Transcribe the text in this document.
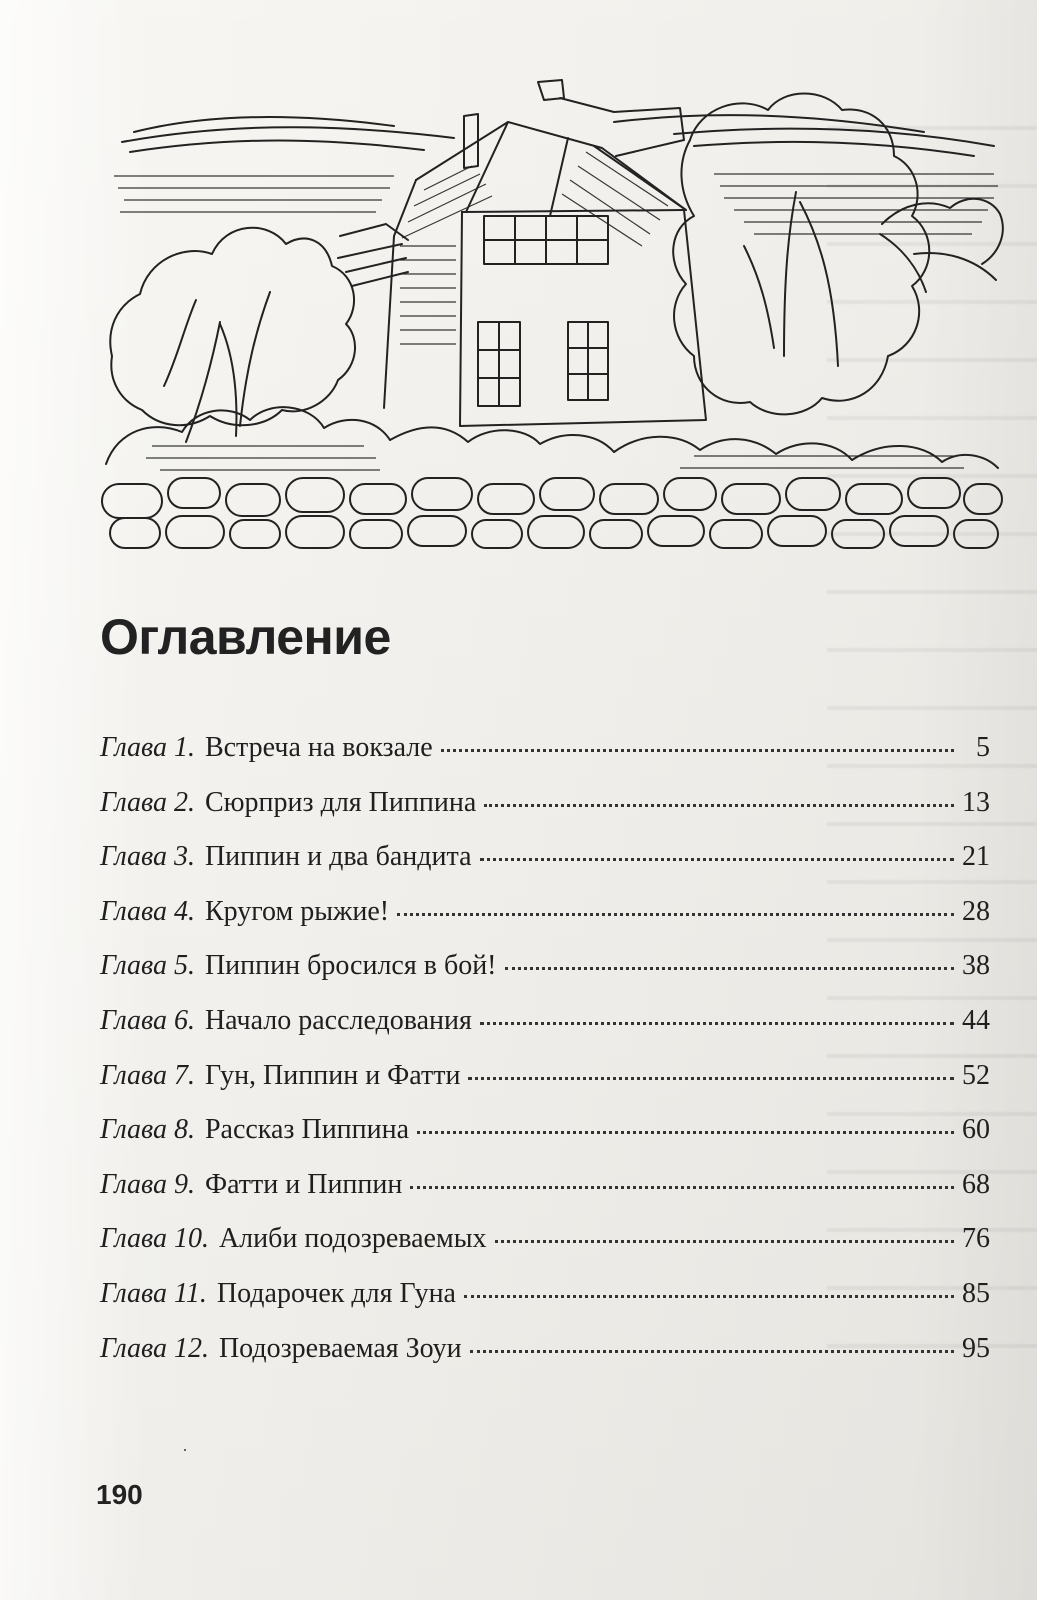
Оглавление
Глава 1. Встреча на вокзале	5
Глава 2. Сюрприз для Пиппина	13
Глава 3. Пиппин и два бандита	21
Глава 4. Кругом рыжие!	28
Глава 5. Пиппин бросился в бой!	38
Глава 6. Начало расследования	44
Глава 7. Гун, Пиппин и Фатти	52
Глава 8. Рассказ Пиппина	60
Глава 9. Фатти и Пиппин	68
Глава 10. Алиби подозреваемых	76
Глава 11. Подарочек для Гуна	85
Глава 12. Подозреваемая Зоуи	95
190
